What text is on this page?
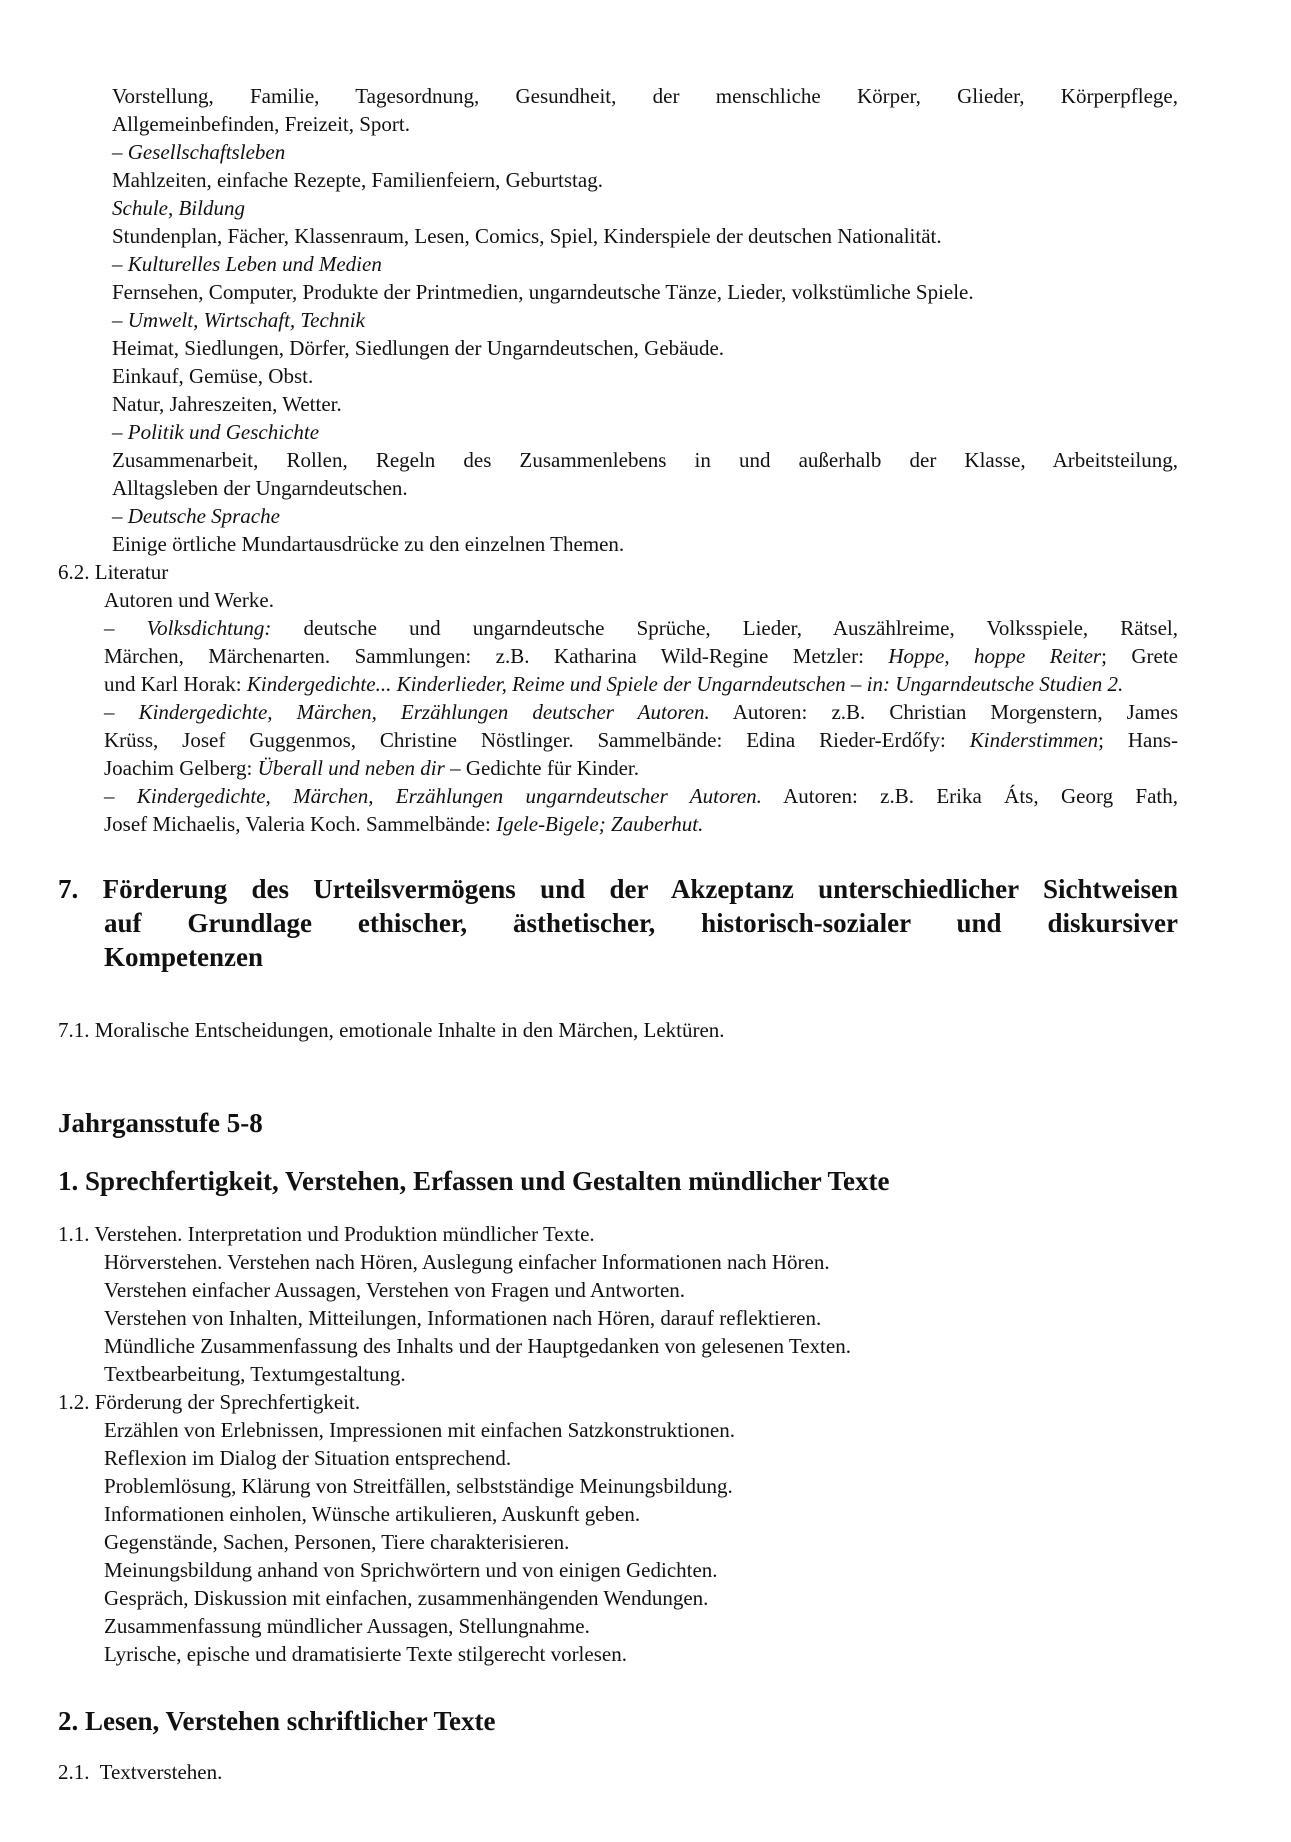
Vorstellung, Familie, Tagesordnung, Gesundheit, der menschliche Körper, Glieder, Körperpflege,
Allgemeinbefinden, Freizeit, Sport.
– Gesellschaftsleben
Mahlzeiten, einfache Rezepte, Familienfeiern, Geburtstag.
Schule, Bildung
Stundenplan, Fächer, Klassenraum, Lesen, Comics, Spiel, Kinderspiele der deutschen Nationalität.
– Kulturelles Leben und Medien
Fernsehen, Computer, Produkte der Printmedien, ungarndeutsche Tänze, Lieder, volkstümliche Spiele.
– Umwelt, Wirtschaft, Technik
Heimat, Siedlungen, Dörfer, Siedlungen der Ungarndeutschen, Gebäude.
Einkauf, Gemüse, Obst.
Natur, Jahreszeiten, Wetter.
– Politik und Geschichte
Zusammenarbeit, Rollen, Regeln des Zusammenlebens in und außerhalb der Klasse, Arbeitsteilung,
Alltagsleben der Ungarndeutschen.
– Deutsche Sprache
Einige örtliche Mundartausdrücke zu den einzelnen Themen.
6.2. Literatur
Autoren und Werke.
– Volksdichtung: deutsche und ungarndeutsche Sprüche, Lieder, Auszählreime, Volksspiele, Rätsel,
Märchen, Märchenarten. Sammlungen: z.B. Katharina Wild-Regine Metzler: Hoppe, hoppe Reiter; Grete
und Karl Horak: Kindergedichte... Kinderlieder, Reime und Spiele der Ungarndeutschen – in: Ungarndeutsche Studien 2.
– Kindergedichte, Märchen, Erzählungen deutscher Autoren. Autoren: z.B. Christian Morgenstern, James
Krüss, Josef Guggenmos, Christine Nöstlinger. Sammelbände: Edina Rieder-Erdőfy: Kinderstimmen; Hans-
Joachim Gelberg: Überall und neben dir – Gedichte für Kinder.
– Kindergedichte, Märchen, Erzählungen ungarndeutscher Autoren. Autoren: z.B. Erika Áts, Georg Fath,
Josef Michaelis, Valeria Koch. Sammelbände: Igele-Bigele; Zauberhut.
7. Förderung des Urteilsvermögens und der Akzeptanz unterschiedlicher Sichtweisen
auf Grundlage ethischer, ästhetischer, historisch-sozialer und diskursiver
Kompetenzen
7.1. Moralische Entscheidungen, emotionale Inhalte in den Märchen, Lektüren.
Jahrgansstufe 5-8
1. Sprechfertigkeit, Verstehen, Erfassen und Gestalten mündlicher Texte
1.1. Verstehen. Interpretation und Produktion mündlicher Texte.
Hörverstehen. Verstehen nach Hören, Auslegung einfacher Informationen nach Hören.
Verstehen einfacher Aussagen, Verstehen von Fragen und Antworten.
Verstehen von Inhalten, Mitteilungen, Informationen nach Hören, darauf reflektieren.
Mündliche Zusammenfassung des Inhalts und der Hauptgedanken von gelesenen Texten.
Textbearbeitung, Textumgestaltung.
1.2. Förderung der Sprechfertigkeit.
Erzählen von Erlebnissen, Impressionen mit einfachen Satzkonstruktionen.
Reflexion im Dialog der Situation entsprechend.
Problemlösung, Klärung von Streitfällen, selbstständige Meinungsbildung.
Informationen einholen, Wünsche artikulieren, Auskunft geben.
Gegenstände, Sachen, Personen, Tiere charakterisieren.
Meinungsbildung anhand von Sprichwörtern und von einigen Gedichten.
Gespräch, Diskussion mit einfachen, zusammenhängenden Wendungen.
Zusammenfassung mündlicher Aussagen, Stellungnahme.
Lyrische, epische und dramatisierte Texte stilgerecht vorlesen.
2. Lesen, Verstehen schriftlicher Texte
2.1.  Textverstehen.
